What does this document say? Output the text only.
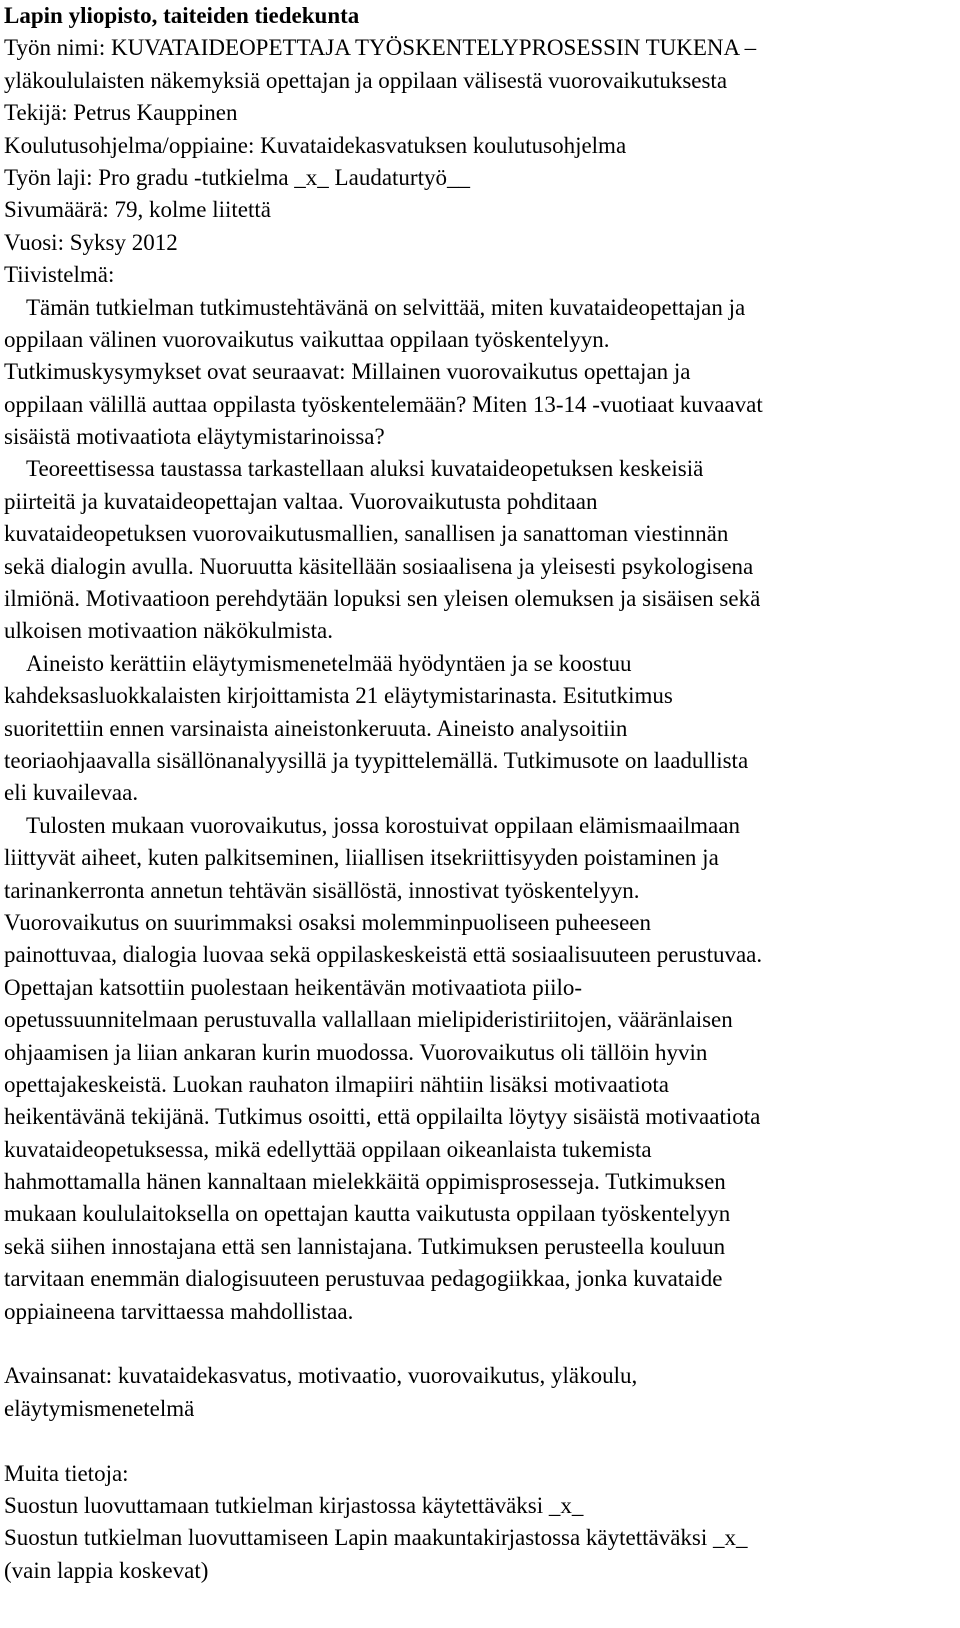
Lapin yliopisto, taiteiden tiedekunta
Työn nimi: KUVATAIDEOPETTAJA TYÖSKENTELYPROSESSIN TUKENA –
yläkoululaisten näkemyksiä opettajan ja oppilaan välisestä vuorovaikutuksesta
Tekijä: Petrus Kauppinen
Koulutusohjelma/oppiaine: Kuvataidekasvatuksen koulutusohjelma
Työn laji: Pro gradu -tutkielma _x_ Laudaturtyö__
Sivumäärä: 79, kolme liitettä
Vuosi: Syksy 2012
Tiivistelmä:
Tämän tutkielman tutkimustehtävänä on selvittää, miten kuvataideopettajan ja
oppilaan välinen vuorovaikutus vaikuttaa oppilaan työskentelyyn.
Tutkimuskysymykset ovat seuraavat: Millainen vuorovaikutus opettajan ja
oppilaan välillä auttaa oppilasta työskentelemään? Miten 13-14 -vuotiaat kuvaavat
sisäistä motivaatiota eläytymistarinoissa?
Teoreettisessa taustassa tarkastellaan aluksi kuvataideopetuksen keskeisiä
piirteitä ja kuvataideopettajan valtaa. Vuorovaikutusta pohditaan
kuvataideopetuksen vuorovaikutusmallien, sanallisen ja sanattoman viestinnän
sekä dialogin avulla. Nuoruutta käsitellään sosiaalisena ja yleisesti psykologisena
ilmiönä. Motivaatioon perehdytään lopuksi sen yleisen olemuksen ja sisäisen sekä
ulkoisen motivaation näkökulmista.
Aineisto kerättiin eläytymismenetelmää hyödyntäen ja se koostuu
kahdeksasluokkalaisten kirjoittamista 21 eläytymistarinasta. Esitutkimus
suoritettiin ennen varsinaista aineistonkeruuta. Aineisto analysoitiin
teoriaohjaavalla sisällönanalyysillä ja tyypittelemällä. Tutkimusote on laadullista
eli kuvailevaa.
Tulosten mukaan vuorovaikutus, jossa korostuivat oppilaan elämismaailmaan
liittyvät aiheet, kuten palkitseminen, liiallisen itsekriittisyyden poistaminen ja
tarinankerronta annetun tehtävän sisällöstä, innostivat työskentelyyn.
Vuorovaikutus on suurimmaksi osaksi molemminpuoliseen puheeseen
painottuvaa, dialogia luovaa sekä oppilaskeskeistä että sosiaalisuuteen perustuvaa.
Opettajan katsottiin puolestaan heikentävän motivaatiota piilo-
opetussuunnitelmaan perustuvalla vallallaan mielipideristiriitojen, vääränlaisen
ohjaamisen ja liian ankaran kurin muodossa. Vuorovaikutus oli tällöin hyvin
opettajakeskeistä. Luokan rauhaton ilmapiiri nähtiin lisäksi motivaatiota
heikentävänä tekijänä. Tutkimus osoitti, että oppilailta löytyy sisäistä motivaatiota
kuvataideopetuksessa, mikä edellyttää oppilaan oikeanlaista tukemista
hahmottamalla hänen kannaltaan mielekkäitä oppimisprosesseja. Tutkimuksen
mukaan koululaitoksella on opettajan kautta vaikutusta oppilaan työskentelyyn
sekä siihen innostajana että sen lannistajana. Tutkimuksen perusteella kouluun
tarvitaan enemmän dialogisuuteen perustuvaa pedagogiikkaa, jonka kuvataide
oppiaineena tarvittaessa mahdollistaa.
Avainsanat: kuvataidekasvatus, motivaatio, vuorovaikutus, yläkoulu,
eläytymismenetelmä
Muita tietoja:
Suostun luovuttamaan tutkielman kirjastossa käytettäväksi _x_
Suostun tutkielman luovuttamiseen Lapin maakuntakirjastossa käytettäväksi _x_
(vain lappia koskevat)
